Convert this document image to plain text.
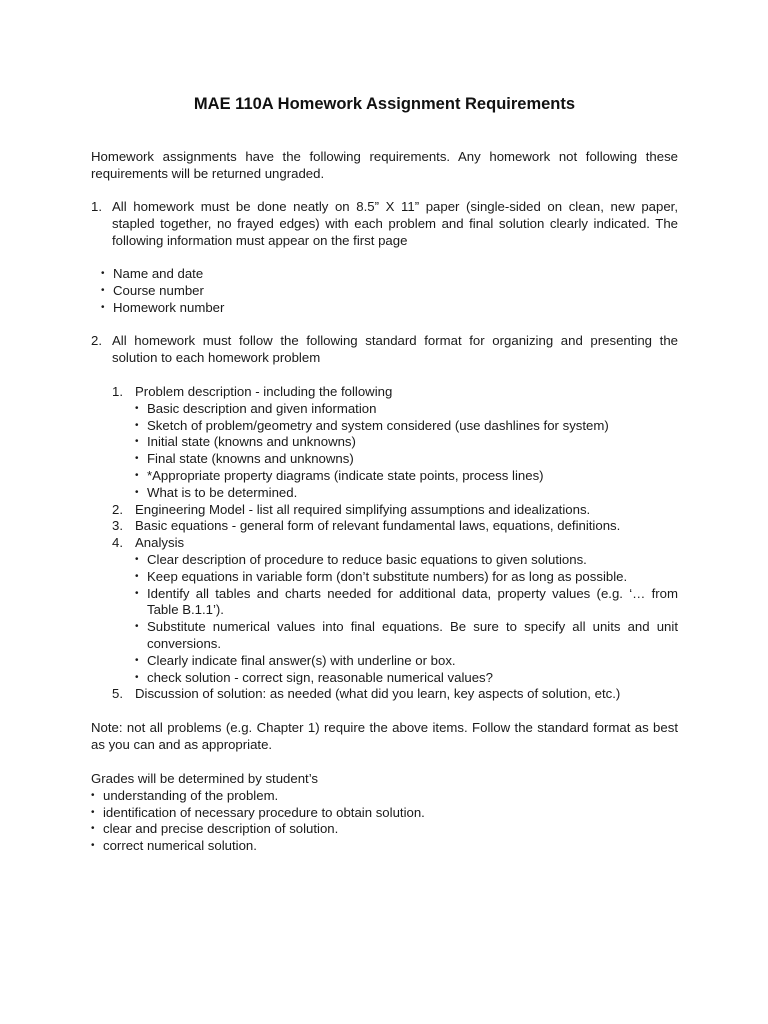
MAE 110A Homework Assignment Requirements

Homework assignments have the following requirements. Any homework not following these requirements will be returned ungraded.

1. All homework must be done neatly on 8.5” X 11” paper (single-sided on clean, new paper, stapled together, no frayed edges) with each problem and final solution clearly indicated. The following information must appear on the first page
• Name and date
• Course number
• Homework number
2. All homework must follow the following standard format for organizing and presenting the solution to each homework problem
1. Problem description - including the following
• Basic description and given information
• Sketch of problem/geometry and system considered (use dashlines for system)
• Initial state (knowns and unknowns)
• Final state (knowns and unknowns)
• *Appropriate property diagrams (indicate state points, process lines)
• What is to be determined.
2. Engineering Model - list all required simplifying assumptions and idealizations.
3. Basic equations - general form of relevant fundamental laws, equations, definitions.
4. Analysis
• Clear description of procedure to reduce basic equations to given solutions.
• Keep equations in variable form (don’t substitute numbers) for as long as possible.
• Identify all tables and charts needed for additional data, property values (e.g. ‘… from Table B.1.1’).
• Substitute numerical values into final equations. Be sure to specify all units and unit conversions.
• Clearly indicate final answer(s) with underline or box.
• check solution - correct sign, reasonable numerical values?
5. Discussion of solution: as needed (what did you learn, key aspects of solution, etc.)

Note: not all problems (e.g. Chapter 1) require the above items. Follow the standard format as best as you can and as appropriate.

Grades will be determined by student’s
• understanding of the problem.
• identification of necessary procedure to obtain solution.
• clear and precise description of solution.
• correct numerical solution.
